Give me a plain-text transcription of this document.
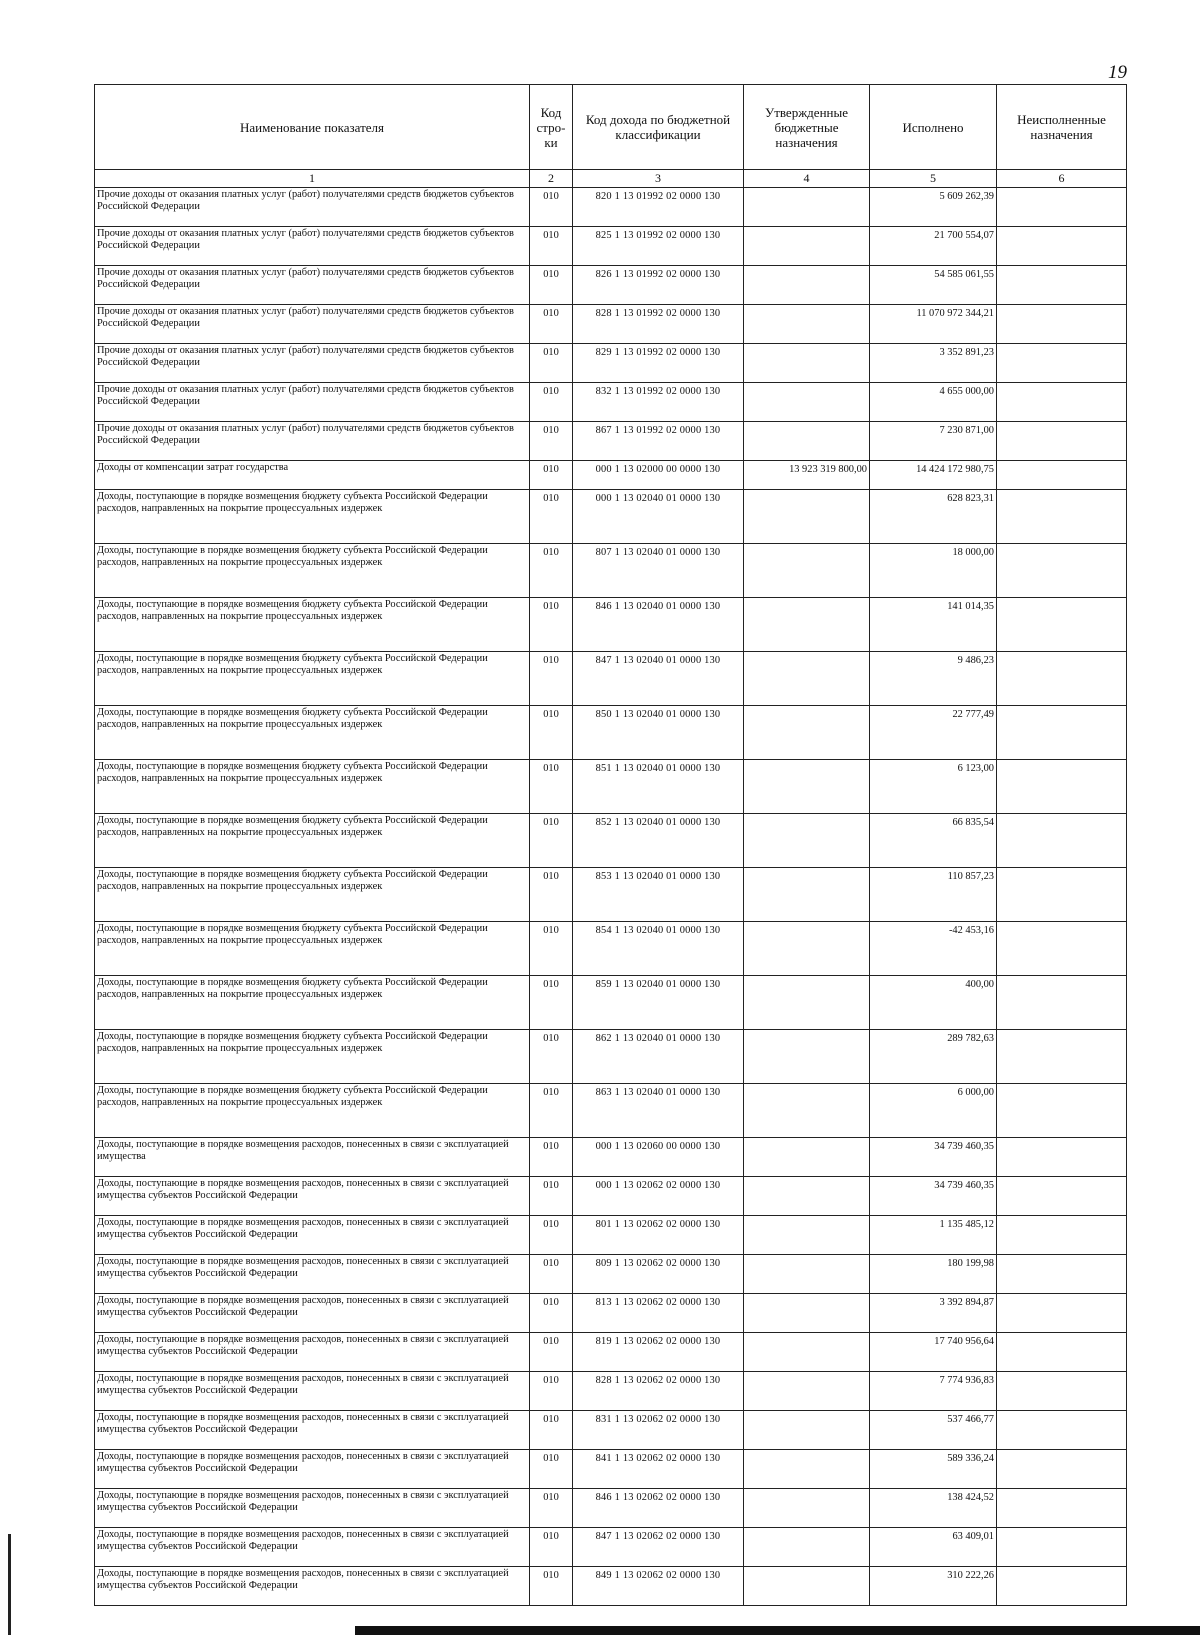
19
Наименование показателя	Код стро-ки	Код дохода по бюджетной классификации	Утвержденные бюджетные назначения	Исполнено	Неисполненные назначения
1	2	3	4	5	6
Прочие доходы от оказания платных услуг (работ) получателями средств бюджетов субъектов Российской Федерации	010	820 1 13 01992 02 0000 130		5 609 262,39	
Прочие доходы от оказания платных услуг (работ) получателями средств бюджетов субъектов Российской Федерации	010	825 1 13 01992 02 0000 130		21 700 554,07	
Прочие доходы от оказания платных услуг (работ) получателями средств бюджетов субъектов Российской Федерации	010	826 1 13 01992 02 0000 130		54 585 061,55	
Прочие доходы от оказания платных услуг (работ) получателями средств бюджетов субъектов Российской Федерации	010	828 1 13 01992 02 0000 130		11 070 972 344,21	
Прочие доходы от оказания платных услуг (работ) получателями средств бюджетов субъектов Российской Федерации	010	829 1 13 01992 02 0000 130		3 352 891,23	
Прочие доходы от оказания платных услуг (работ) получателями средств бюджетов субъектов Российской Федерации	010	832 1 13 01992 02 0000 130		4 655 000,00	
Прочие доходы от оказания платных услуг (работ) получателями средств бюджетов субъектов Российской Федерации	010	867 1 13 01992 02 0000 130		7 230 871,00	
Доходы от компенсации затрат государства	010	000 1 13 02000 00 0000 130	13 923 319 800,00	14 424 172 980,75	
Доходы, поступающие в порядке возмещения бюджету субъекта Российской Федерации расходов, направленных на покрытие процессуальных издержек	010	000 1 13 02040 01 0000 130		628 823,31	
Доходы, поступающие в порядке возмещения бюджету субъекта Российской Федерации расходов, направленных на покрытие процессуальных издержек	010	807 1 13 02040 01 0000 130		18 000,00	
Доходы, поступающие в порядке возмещения бюджету субъекта Российской Федерации расходов, направленных на покрытие процессуальных издержек	010	846 1 13 02040 01 0000 130		141 014,35	
Доходы, поступающие в порядке возмещения бюджету субъекта Российской Федерации расходов, направленных на покрытие процессуальных издержек	010	847 1 13 02040 01 0000 130		9 486,23	
Доходы, поступающие в порядке возмещения бюджету субъекта Российской Федерации расходов, направленных на покрытие процессуальных издержек	010	850 1 13 02040 01 0000 130		22 777,49	
Доходы, поступающие в порядке возмещения бюджету субъекта Российской Федерации расходов, направленных на покрытие процессуальных издержек	010	851 1 13 02040 01 0000 130		6 123,00	
Доходы, поступающие в порядке возмещения бюджету субъекта Российской Федерации расходов, направленных на покрытие процессуальных издержек	010	852 1 13 02040 01 0000 130		66 835,54	
Доходы, поступающие в порядке возмещения бюджету субъекта Российской Федерации расходов, направленных на покрытие процессуальных издержек	010	853 1 13 02040 01 0000 130		110 857,23	
Доходы, поступающие в порядке возмещения бюджету субъекта Российской Федерации расходов, направленных на покрытие процессуальных издержек	010	854 1 13 02040 01 0000 130		-42 453,16	
Доходы, поступающие в порядке возмещения бюджету субъекта Российской Федерации расходов, направленных на покрытие процессуальных издержек	010	859 1 13 02040 01 0000 130		400,00	
Доходы, поступающие в порядке возмещения бюджету субъекта Российской Федерации расходов, направленных на покрытие процессуальных издержек	010	862 1 13 02040 01 0000 130		289 782,63	
Доходы, поступающие в порядке возмещения бюджету субъекта Российской Федерации расходов, направленных на покрытие процессуальных издержек	010	863 1 13 02040 01 0000 130		6 000,00	
Доходы, поступающие в порядке возмещения расходов, понесенных в связи с эксплуатацией имущества	010	000 1 13 02060 00 0000 130		34 739 460,35	
Доходы, поступающие в порядке возмещения расходов, понесенных в связи с эксплуатацией имущества субъектов Российской Федерации	010	000 1 13 02062 02 0000 130		34 739 460,35	
Доходы, поступающие в порядке возмещения расходов, понесенных в связи с эксплуатацией имущества субъектов Российской Федерации	010	801 1 13 02062 02 0000 130		1 135 485,12	
Доходы, поступающие в порядке возмещения расходов, понесенных в связи с эксплуатацией имущества субъектов Российской Федерации	010	809 1 13 02062 02 0000 130		180 199,98	
Доходы, поступающие в порядке возмещения расходов, понесенных в связи с эксплуатацией имущества субъектов Российской Федерации	010	813 1 13 02062 02 0000 130		3 392 894,87	
Доходы, поступающие в порядке возмещения расходов, понесенных в связи с эксплуатацией имущества субъектов Российской Федерации	010	819 1 13 02062 02 0000 130		17 740 956,64	
Доходы, поступающие в порядке возмещения расходов, понесенных в связи с эксплуатацией имущества субъектов Российской Федерации	010	828 1 13 02062 02 0000 130		7 774 936,83	
Доходы, поступающие в порядке возмещения расходов, понесенных в связи с эксплуатацией имущества субъектов Российской Федерации	010	831 1 13 02062 02 0000 130		537 466,77	
Доходы, поступающие в порядке возмещения расходов, понесенных в связи с эксплуатацией имущества субъектов Российской Федерации	010	841 1 13 02062 02 0000 130		589 336,24	
Доходы, поступающие в порядке возмещения расходов, понесенных в связи с эксплуатацией имущества субъектов Российской Федерации	010	846 1 13 02062 02 0000 130		138 424,52	
Доходы, поступающие в порядке возмещения расходов, понесенных в связи с эксплуатацией имущества субъектов Российской Федерации	010	847 1 13 02062 02 0000 130		63 409,01	
Доходы, поступающие в порядке возмещения расходов, понесенных в связи с эксплуатацией имущества субъектов Российской Федерации	010	849 1 13 02062 02 0000 130		310 222,26	
